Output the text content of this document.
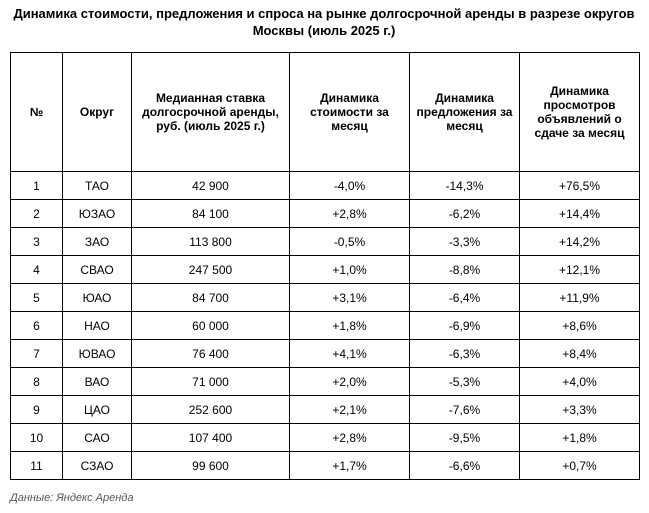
Динамика стоимости, предложения и спроса на рынке долгосрочной аренды в разрезе округов Москвы (июль 2025 г.)
№	Округ	Медианная ставка долгосрочной аренды, руб. (июль 2025 г.)	Динамика стоимости за месяц	Динамика предложения за месяц	Динамика просмотров объявлений о сдаче за месяц
1	ТАО	42 900	-4,0%	-14,3%	+76,5%
2	ЮЗАО	84 100	+2,8%	-6,2%	+14,4%
3	ЗАО	113 800	-0,5%	-3,3%	+14,2%
4	СВАО	247 500	+1,0%	-8,8%	+12,1%
5	ЮАО	84 700	+3,1%	-6,4%	+11,9%
6	НАО	60 000	+1,8%	-6,9%	+8,6%
7	ЮВАО	76 400	+4,1%	-6,3%	+8,4%
8	ВАО	71 000	+2,0%	-5,3%	+4,0%
9	ЦАО	252 600	+2,1%	-7,6%	+3,3%
10	САО	107 400	+2,8%	-9,5%	+1,8%
11	СЗАО	99 600	+1,7%	-6,6%	+0,7%
Данные: Яндекс Аренда
